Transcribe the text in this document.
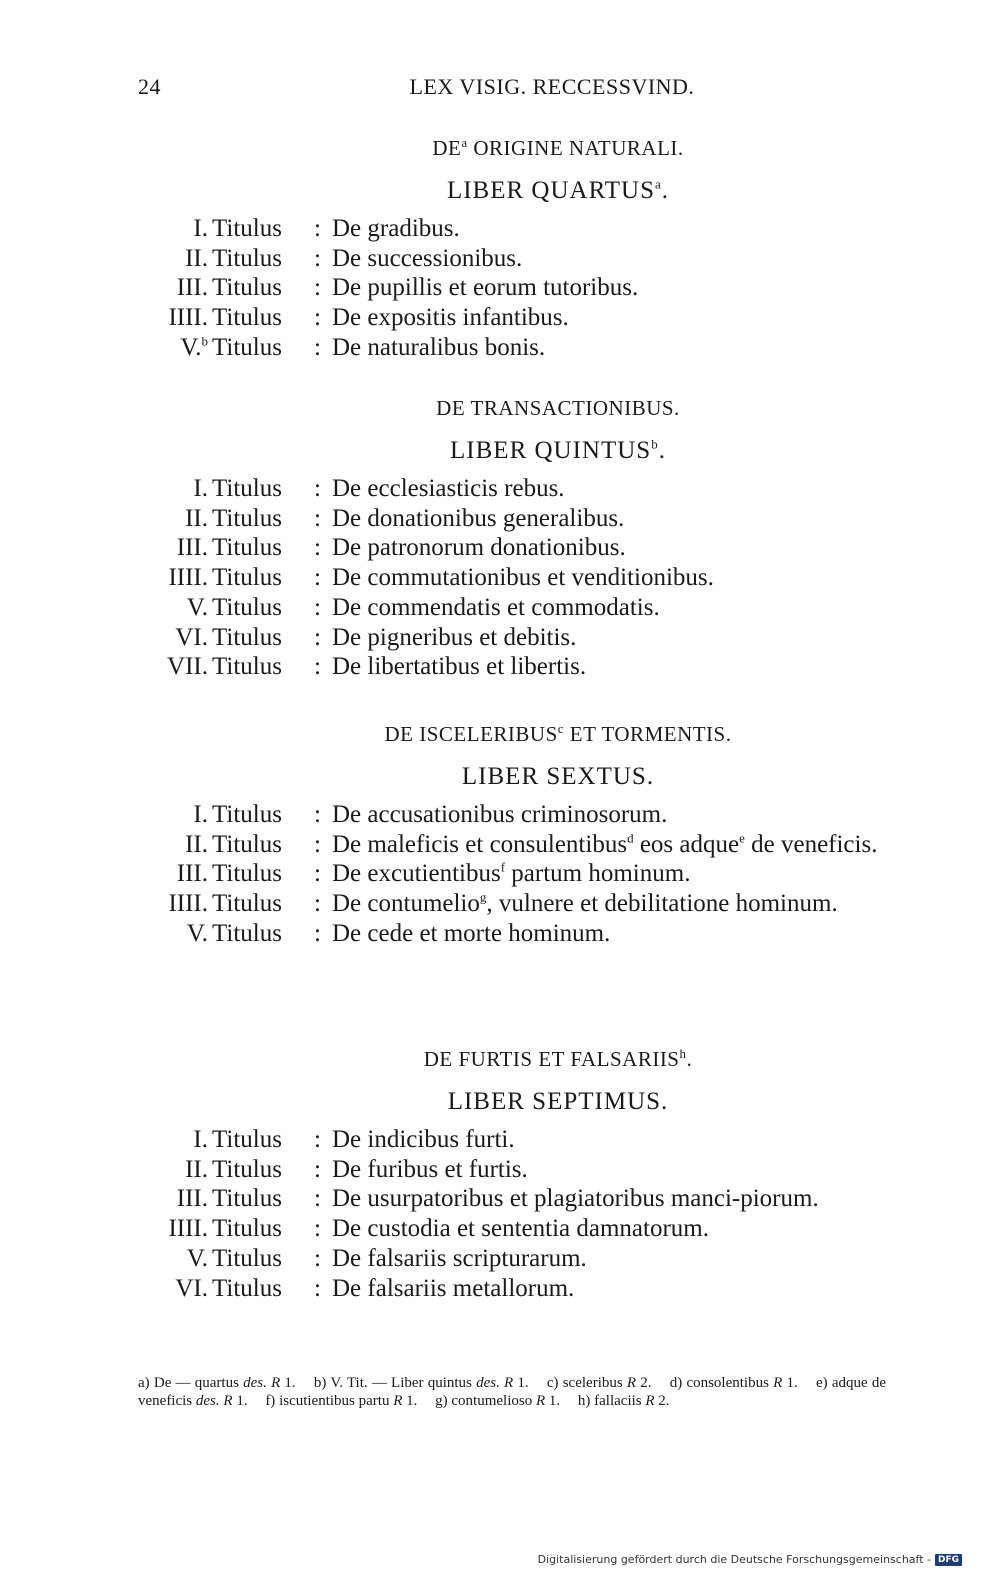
24	LEX VISIG. RECCESSVIND.
$DE^a$ ORIGINE NATURALI.
LIBER QUARTUS$^a$.
I. Titulus	: De gradibus.
II. Titulus	: De successionibus.
III. Titulus	: De pupillis et eorum tutoribus.
IIII. Titulus	: De expositis infantibus.
V.$^b$ Titulus	: De naturalibus bonis.
DE TRANSACTIONIBUS.
LIBER QUINTUS$^b$.
I. Titulus	: De ecclesiasticis rebus.
II. Titulus	: De donationibus generalibus.
III. Titulus	: De patronorum donationibus.
IIII. Titulus	: De commutationibus et venditionibus.
V. Titulus	: De commendatis et commodatis.
VI. Titulus	: De pigneribus et debitis.
VII. Titulus	: De libertatibus et libertis.
DE ISCELERIBUS$^c$ ET TORMENTIS.
LIBER SEXTUS.
I. Titulus	: De accusationibus criminosorum.
II. Titulus	: De maleficis et consulentibus$^d$ eos adque$^e$ de veneficis.
III. Titulus	: De excutientibus$^f$ partum hominum.
IIII. Titulus	: De contumelio$^g$, vulnere et debilitatione hominum.
V. Titulus	: De cede et morte hominum.
DE FURTIS ET FALSARIIS$^h$.
LIBER SEPTIMUS.
I. Titulus	: De indicibus furti.
II. Titulus	: De furibus et furtis.
III. Titulus	: De usurpatoribus et plagiatoribus manci-piorum.
IIII. Titulus	: De custodia et sententia damnatorum.
V. Titulus	: De falsariis scripturarum.
VI. Titulus	: De falsariis metallorum.
a) De — quartus des. R 1. b) V. Tit. — Liber quintus des. R 1. c) sceleribus R 2. d) consolentibus R 1. e) adque de veneficis des. R 1. f) iscutientibus partu R 1. g) contumelioso R 1. h) fallaciis R 2.
Digitalisierung gefördert durch die Deutsche Forschungsgemeinschaft - DFG
